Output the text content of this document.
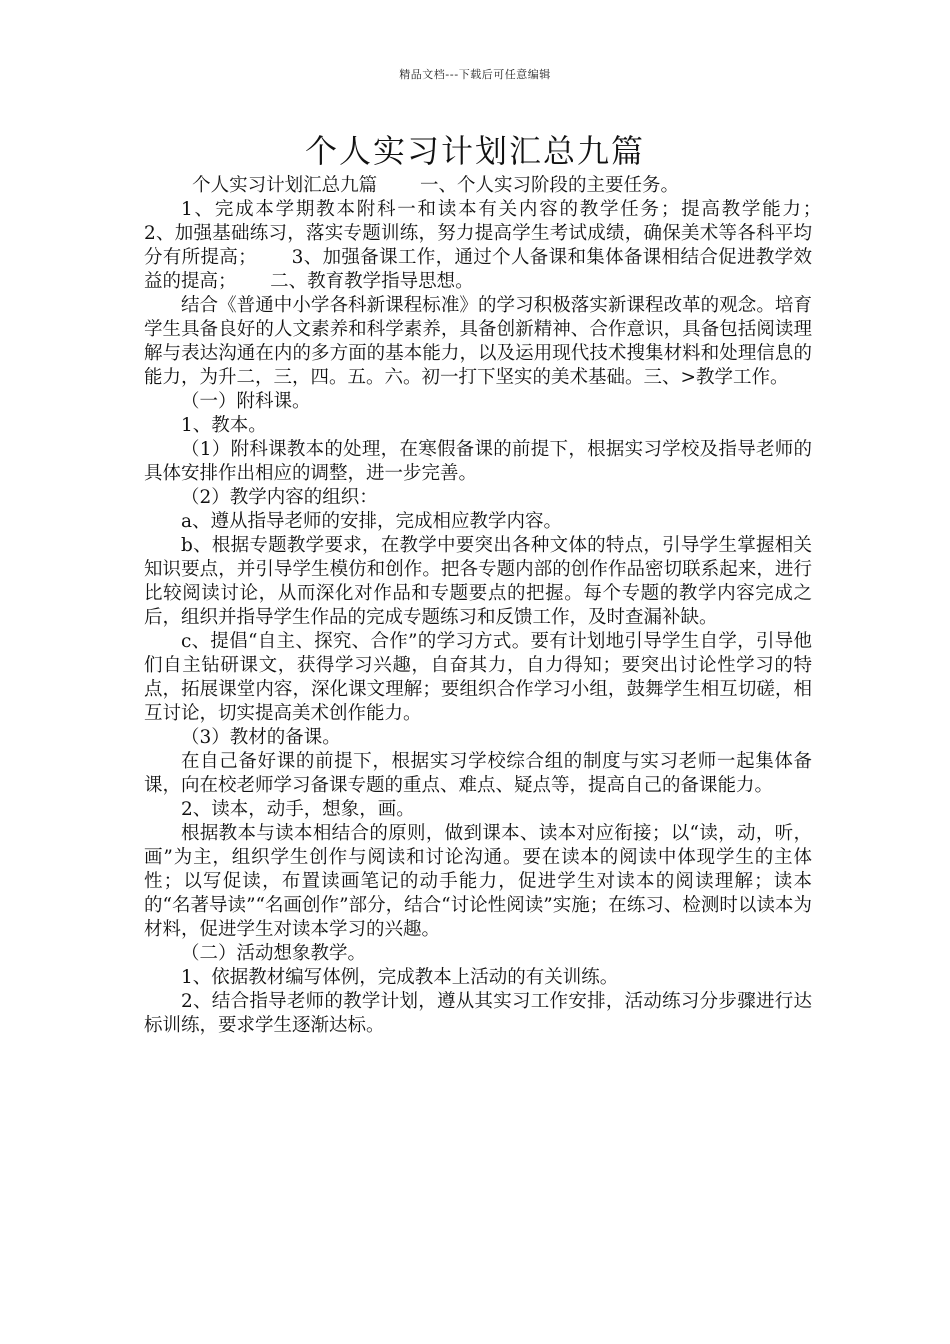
精品文档---下载后可任意编辑
个人实习计划汇总九篇

个人实习计划汇总九篇　　 一、个人实习阶段的主要任务。

1、完成本学期教本附科一和读本有关内容的教学任务；提高教学能力；　　 2、加强基础练习，落实专题训练，努力提高学生考试成绩，确保美术等各科平均分有所提高；　　 3、加强备课工作，通过个人备课和集体备课相结合促进教学效益的提高；　　 二、教育教学指导思想。

结合《普通中小学各科新课程标准》的学习积极落实新课程改革的观念。培育学生具备良好的人文素养和科学素养，具备创新精神、合作意识，具备包括阅读理解与表达沟通在内的多方面的基本能力，以及运用现代技术搜集材料和处理信息的能力，为升二，三，四。五。六。初一打下坚实的美术基础。三、>教学工作。

（一）附科课。

1、教本。

（1）附科课教本的处理，在寒假备课的前提下，根据实习学校及指导老师的具体安排作出相应的调整，进一步完善。

（2）教学内容的组织：

a、遵从指导老师的安排，完成相应教学内容。

b、根据专题教学要求，在教学中要突出各种文体的特点，引导学生掌握相关知识要点，并引导学生模仿和创作。把各专题内部的创作作品密切联系起来，进行比较阅读讨论，从而深化对作品和专题要点的把握。每个专题的教学内容完成之后，组织并指导学生作品的完成专题练习和反馈工作，及时查漏补缺。

c、提倡“自主、探究、合作”的学习方式。要有计划地引导学生自学，引导他们自主钻研课文，获得学习兴趣，自奋其力，自力得知；要突出讨论性学习的特点，拓展课堂内容，深化课文理解；要组织合作学习小组，鼓舞学生相互切磋，相互讨论，切实提高美术创作能力。

（3）教材的备课。

在自己备好课的前提下，根据实习学校综合组的制度与实习老师一起集体备课，向在校老师学习备课专题的重点、难点、疑点等，提高自己的备课能力。

2、读本，动手，想象，画。

根据教本与读本相结合的原则，做到课本、读本对应衔接；以“读，动，听，画”为主，组织学生创作与阅读和讨论沟通。要在读本的阅读中体现学生的主体性；以写促读，布置读画笔记的动手能力，促进学生对读本的阅读理解；读本的“名著导读”“名画创作”部分，结合“讨论性阅读”实施；在练习、检测时以读本为材料，促进学生对读本学习的兴趣。

（二）活动想象教学。

1、依据教材编写体例，完成教本上活动的有关训练。

2、结合指导老师的教学计划，遵从其实习工作安排，活动练习分步骤进行达标训练，要求学生逐渐达标。
